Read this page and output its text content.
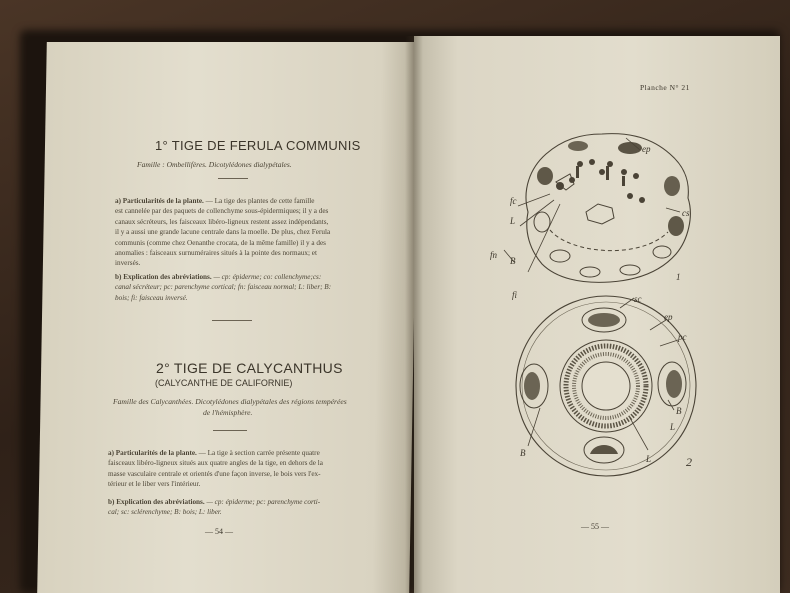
1° TIGE DE FERULA COMMUNIS
Famille : Ombellifères. Dicotylédones dialypétales.
a) Particularités de la plante. — La tige des plantes de cette famille
est cannelée par des paquets de collenchyme sous-épidermiques; il y a des
canaux sécréteurs, les faisceaux libéro-ligneux restent assez indépendants,
il y a aussi une grande lacune centrale dans la moelle. De plus, chez Ferula
communis (comme chez Oenanthe crocata, de la même famille) il y a des
anomalies : faisceaux surnuméraires situés à la pointe des normaux; et
inversés.
b) Explication des abréviations. — cp: épiderme; co: collenchyme;cs:
canal sécréteur; pc: parenchyme cortical; fn: faisceau normal; L: liber; B:
bois; fi: faisceau inversé.
2° TIGE DE CALYCANTHUS
(CALYCANTHE DE CALIFORNIE)
Famille des Calycanthées. Dicotylédones dialypétales des régions tempérées
de l'hémisphère.
a) Particularités de la plante. — La tige à section carrée présente quatre
faisceaux libéro-ligneux situés aux quatre angles de la tige, en dehors de la
masse vasculaire centrale et orientés d'une façon inverse, le bois vers l'ex-
térieur et le liber vers l'intérieur.
b) Explication des abréviations. — cp: épiderme; pc: parenchyme corti-
cal; sc: sclérenchyme; B: bois; L: liber.
— 54 —
Planche N° 21
ep
cs
fc
L
B
fn
fi
1
sc
ep
pc
B
L
B
L
2
— 55 —
